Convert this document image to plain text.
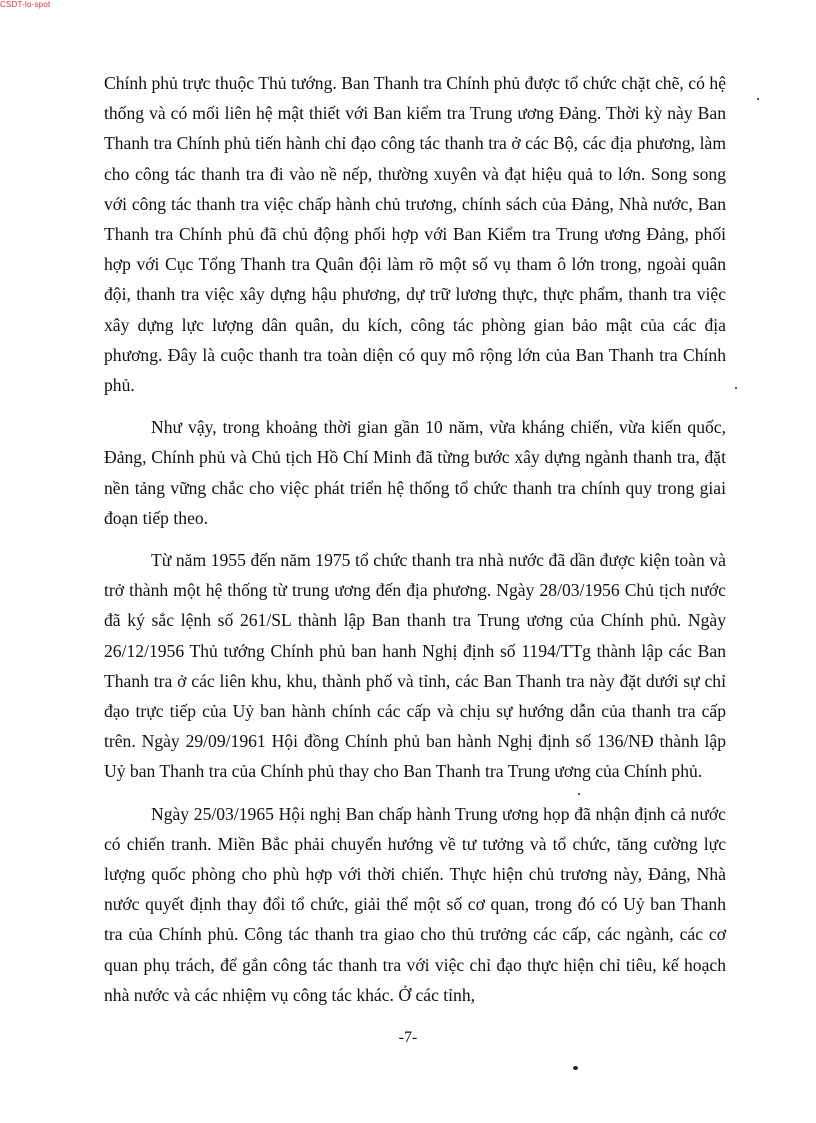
CSDT-lo-spot

Chính phủ trực thuộc Thủ tướng. Ban Thanh tra Chính phủ được tổ chức chặt chẽ, có hệ thống và có mối liên hệ mật thiết với Ban kiểm tra Trung ương Đảng. Thời kỳ này Ban Thanh tra Chính phủ tiến hành chỉ đạo công tác thanh tra ở các Bộ, các địa phương, làm cho công tác thanh tra đi vào nề nếp, thường xuyên và đạt hiệu quả to lớn. Song song với công tác thanh tra việc chấp hành chủ trương, chính sách của Đảng, Nhà nước, Ban Thanh tra Chính phủ đã chủ động phối hợp với Ban Kiểm tra Trung ương Đảng, phối hợp với Cục Tổng Thanh tra Quân đội làm rõ một số vụ tham ô lớn trong, ngoài quân đội, thanh tra việc xây dựng hậu phương, dự trữ lương thực, thực phẩm, thanh tra việc xây dựng lực lượng dân quân, du kích, công tác phòng gian bảo mật của các địa phương. Đây là cuộc thanh tra toàn diện có quy mô rộng lớn của Ban Thanh tra Chính phủ.

Như vậy, trong khoảng thời gian gần 10 năm, vừa kháng chiến, vừa kiến quốc, Đảng, Chính phủ và Chủ tịch Hồ Chí Minh đã từng bước xây dựng ngành thanh tra, đặt nền tảng vững chắc cho việc phát triển hệ thống tổ chức thanh tra chính quy trong giai đoạn tiếp theo.

Từ năm 1955 đến năm 1975 tổ chức thanh tra nhà nước đã dần được kiện toàn và trở thành một hệ thống từ trung ương đến địa phương. Ngày 28/03/1956 Chủ tịch nước đã ký sắc lệnh số 261/SL thành lập Ban thanh tra Trung ương của Chính phủ. Ngày 26/12/1956 Thủ tướng Chính phủ ban hanh Nghị định số 1194/TTg thành lập các Ban Thanh tra ở các liên khu, khu, thành phố và tỉnh, các Ban Thanh tra này đặt dưới sự chỉ đạo trực tiếp của Uỷ ban hành chính các cấp và chịu sự hướng dẫn của thanh tra cấp trên. Ngày 29/09/1961 Hội đồng Chính phủ ban hành Nghị định số 136/NĐ thành lập Uỷ ban Thanh tra của Chính phủ thay cho Ban Thanh tra Trung ương của Chính phủ.

Ngày 25/03/1965 Hội nghị Ban chấp hành Trung ương họp đã nhận định cả nước có chiến tranh. Miền Bắc phải chuyển hướng về tư tưởng và tổ chức, tăng cường lực lượng quốc phòng cho phù hợp với thời chiến. Thực hiện chủ trương này, Đảng, Nhà nước quyết định thay đổi tổ chức, giải thể một số cơ quan, trong đó có Uỷ ban Thanh tra của Chính phủ. Công tác thanh tra giao cho thủ trưởng các cấp, các ngành, các cơ quan phụ trách, để gắn công tác thanh tra với việc chỉ đạo thực hiện chỉ tiêu, kế hoạch nhà nước và các nhiệm vụ công tác khác. Ở các tỉnh,

-7-
